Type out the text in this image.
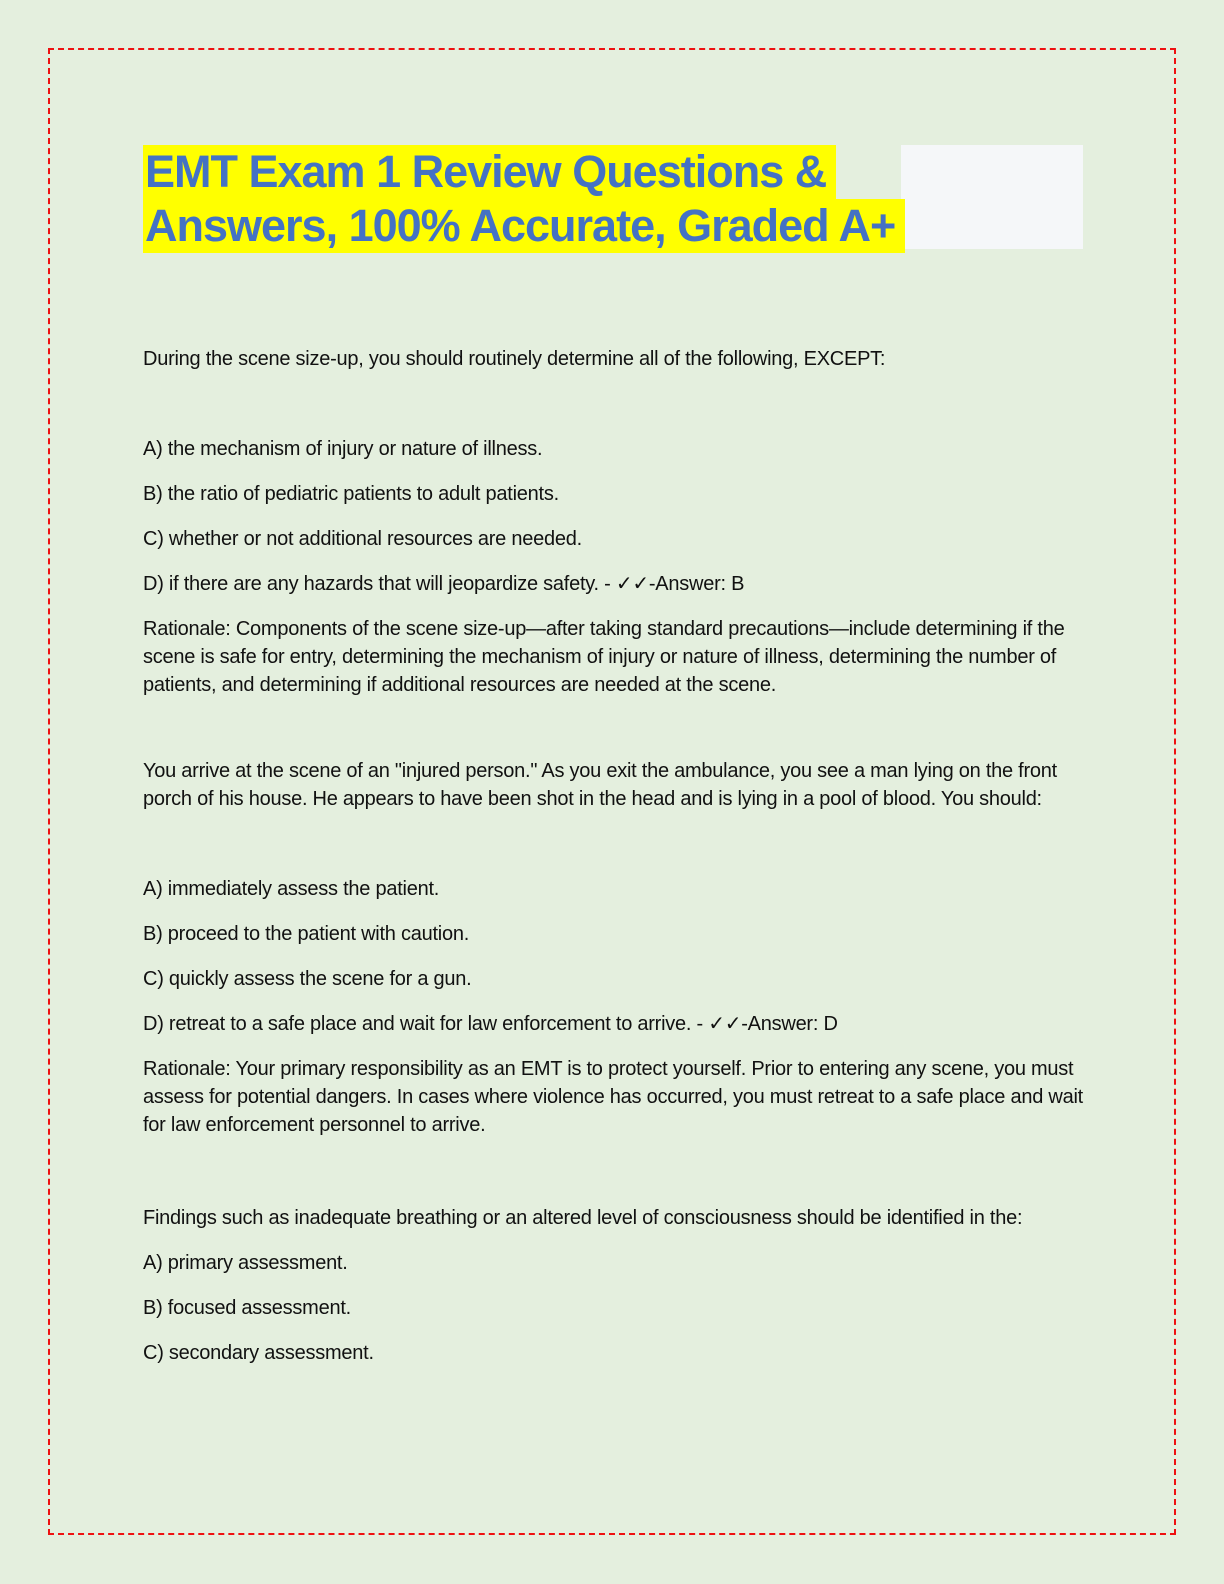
EMT Exam 1 Review Questions &
Answers, 100% Accurate, Graded A+

During the scene size-up, you should routinely determine all of the following, EXCEPT:

A) the mechanism of injury or nature of illness.

B) the ratio of pediatric patients to adult patients.

C) whether or not additional resources are needed.

D) if there are any hazards that will jeopardize safety. - ✓✓-Answer: B

Rationale: Components of the scene size-up—after taking standard precautions—include determining if the scene is safe for entry, determining the mechanism of injury or nature of illness, determining the number of patients, and determining if additional resources are needed at the scene.

You arrive at the scene of an "injured person." As you exit the ambulance, you see a man lying on the front porch of his house. He appears to have been shot in the head and is lying in a pool of blood. You should:

A) immediately assess the patient.

B) proceed to the patient with caution.

C) quickly assess the scene for a gun.

D) retreat to a safe place and wait for law enforcement to arrive. - ✓✓-Answer: D

Rationale: Your primary responsibility as an EMT is to protect yourself. Prior to entering any scene, you must assess for potential dangers. In cases where violence has occurred, you must retreat to a safe place and wait for law enforcement personnel to arrive.

Findings such as inadequate breathing or an altered level of consciousness should be identified in the:

A) primary assessment.

B) focused assessment.

C) secondary assessment.
